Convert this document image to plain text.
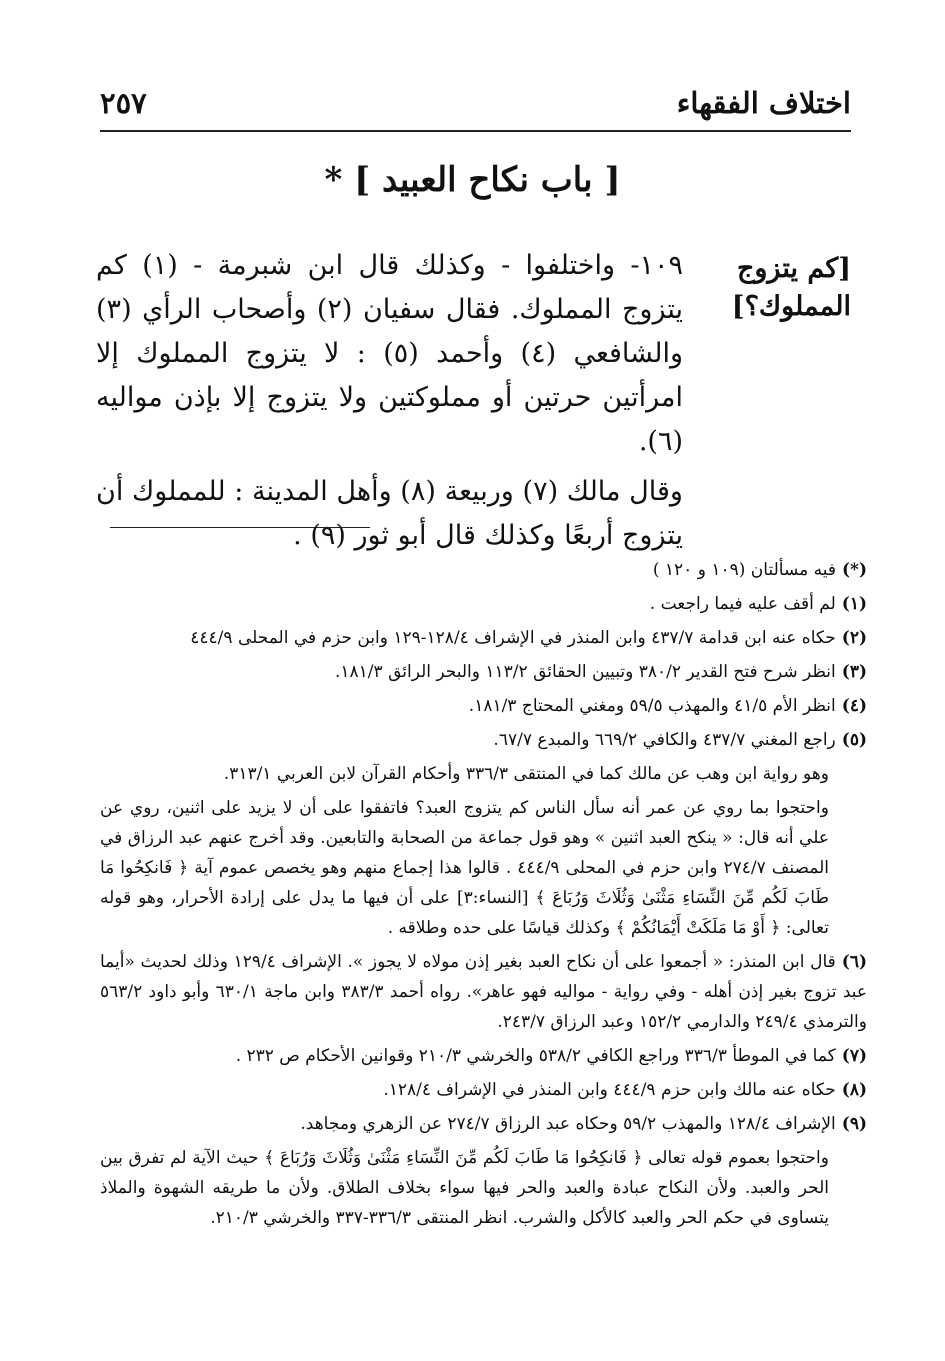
اختلاف الفقهاء
٢٥٧
[ باب نكاح العبيد ] *
[كم يتزوج المملوك؟]

١٠٩- واختلفوا - وكذلك قال ابن شبرمة - (١) كم يتزوج المملوك. فقال سفيان (٢) وأصحاب الرأي (٣) والشافعي (٤) وأحمد (٥) : لا يتزوج المملوك إلا امرأتين حرتين أو مملوكتين ولا يتزوج إلا بإذن مواليه (٦).

وقال مالك (٧) وربيعة (٨) وأهل المدينة : للمملوك أن يتزوج أربعًا وكذلك قال أبو ثور (٩) .

(*)فيه مسألتان (١٠٩ و ١٢٠ )

(١)لم أقف عليه فيما راجعت .

(٢)حكاه عنه ابن قدامة ٤٣٧/٧ وابن المنذر في الإشراف ١٢٨/٤-١٢٩ وابن حزم في المحلى ٤٤٤/٩

(٣)انظر شرح فتح القدير ٣٨٠/٢ وتبيين الحقائق ١١٣/٢ والبحر الرائق ١٨١/٣.

(٤)انظر الأم ٤١/٥ والمهذب ٥٩/٥ ومغني المحتاج ١٨١/٣.

(٥)راجع المغني ٤٣٧/٧ والكافي ٦٦٩/٢ والمبدع ٦٧/٧.

وهو رواية ابن وهب عن مالك كما في المنتقى ٣٣٦/٣ وأحكام القرآن لابن العربي ٣١٣/١.

واحتجوا بما روي عن عمر أنه سأل الناس كم يتزوج العبد؟ فاتفقوا على أن لا يزيد على اثنين، روي عن علي أنه قال: « ينكح العبد اثنين » وهو قول جماعة من الصحابة والتابعين. وقد أخرج عنهم عبد الرزاق في المصنف ٢٧٤/٧ وابن حزم في المحلى ٤٤٤/٩ . قالوا هذا إجماع منهم وهو يخصص عموم آية ﴿ فَانكِحُوا مَا طَابَ لَكُم مِّنَ النِّسَاءِ مَثْنَىٰ وَثُلَاثَ وَرُبَاعَ ﴾ [النساء:٣] على أن فيها ما يدل على إرادة الأحرار، وهو قوله تعالى: ﴿ أَوْ مَا مَلَكَتْ أَيْمَانُكُمْ ﴾ وكذلك قياسًا على حده وطلاقه .

(٦)قال ابن المنذر: « أجمعوا على أن نكاح العبد بغير إذن مولاه لا يجوز ». الإشراف ١٢٩/٤ وذلك لحديث «أيما عبد تزوج بغير إذن أهله - وفي رواية - مواليه فهو عاهر». رواه أحمد ٣٨٣/٣ وابن ماجة ٦٣٠/١ وأبو داود ٥٦٣/٢ والترمذي ٢٤٩/٤ والدارمي ١٥٢/٢ وعبد الرزاق ٢٤٣/٧.

(٧)كما في الموطأ ٣٣٦/٣ وراجع الكافي ٥٣٨/٢ والخرشي ٢١٠/٣ وقوانين الأحكام ص ٢٣٢ .

(٨)حكاه عنه مالك وابن حزم ٤٤٤/٩ وابن المنذر في الإشراف ١٢٨/٤.

(٩)الإشراف ١٢٨/٤ والمهذب ٥٩/٢ وحكاه عبد الرزاق ٢٧٤/٧ عن الزهري ومجاهد.

واحتجوا بعموم قوله تعالى ﴿ فَانكِحُوا مَا طَابَ لَكُم مِّنَ النِّسَاءِ مَثْنَىٰ وَثُلَاثَ وَرُبَاعَ ﴾ حيث الآية لم تفرق بين الحر والعبد. ولأن النكاح عبادة والعبد والحر فيها سواء بخلاف الطلاق. ولأن ما طريقه الشهوة والملاذ يتساوى في حكم الحر والعبد كالأكل والشرب. انظر المنتقى ٣٣٦/٣-٣٣٧ والخرشي ٢١٠/٣.
